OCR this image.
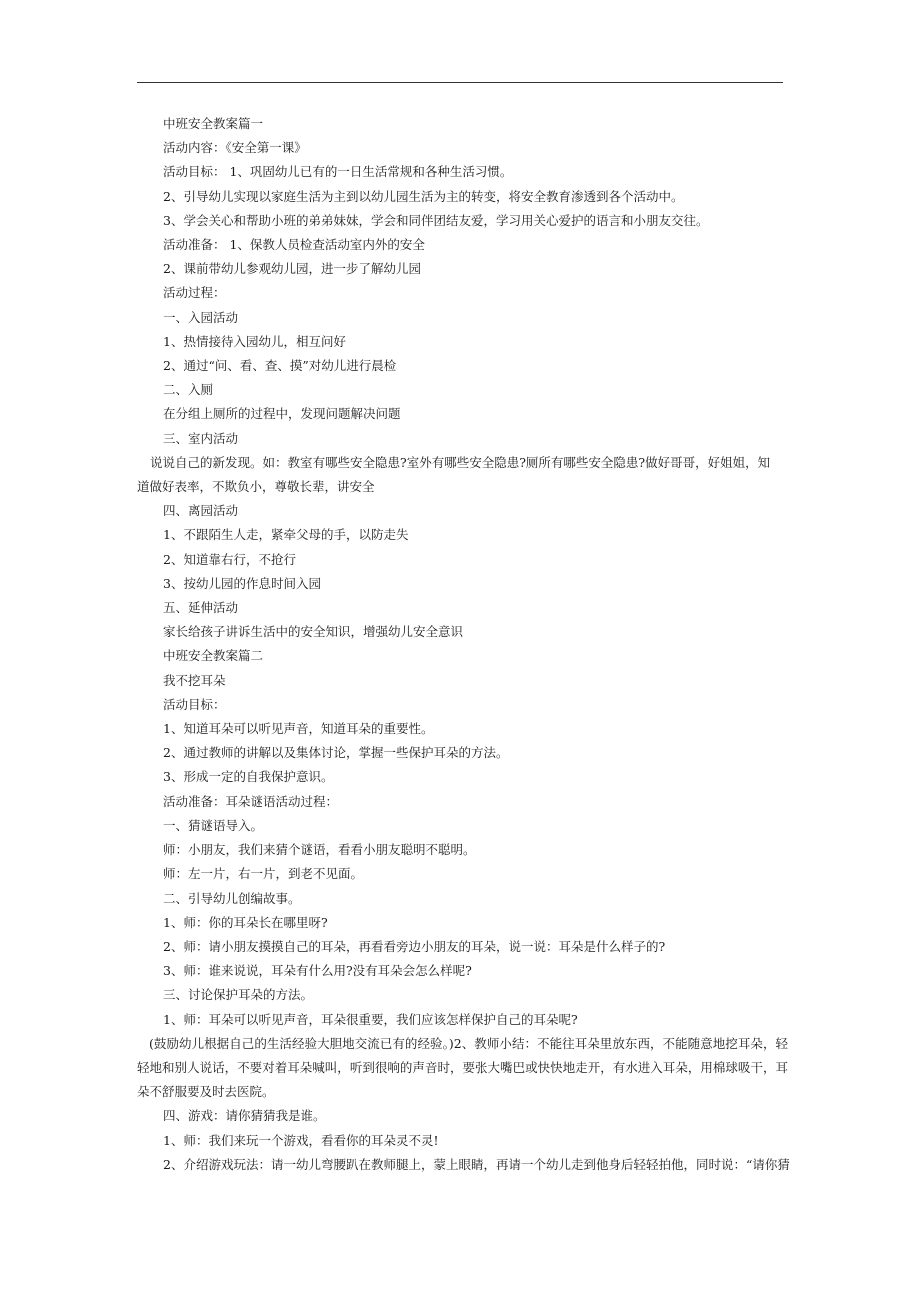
中班安全教案篇一
活动内容：《安全第一课》
活动目标： 1、巩固幼儿已有的一日生活常规和各种生活习惯。
2、引导幼儿实现以家庭生活为主到以幼儿园生活为主的转变，将安全教育渗透到各个活动中。
3、学会关心和帮助小班的弟弟妹妹，学会和同伴团结友爱，学习用关心爱护的语言和小朋友交往。
活动准备： 1、保教人员检查活动室内外的安全
2、课前带幼儿参观幼儿园，进一步了解幼儿园
活动过程：
一、入园活动
1、热情接待入园幼儿，相互问好
2、通过“问、看、查、摸”对幼儿进行晨检
二、入厕
在分组上厕所的过程中，发现问题解决问题
三、室内活动
说说自己的新发现。如：教室有哪些安全隐患?室外有哪些安全隐患?厕所有哪些安全隐患?做好哥哥，好姐姐，知
道做好表率，不欺负小，尊敬长辈，讲安全
四、离园活动
1、不跟陌生人走，紧牵父母的手，以防走失
2、知道靠右行，不抢行
3、按幼儿园的作息时间入园
五、延伸活动
家长给孩子讲诉生活中的安全知识，增强幼儿安全意识
中班安全教案篇二
我不挖耳朵
活动目标：
1、知道耳朵可以听见声音，知道耳朵的重要性。
2、通过教师的讲解以及集体讨论，掌握一些保护耳朵的方法。
3、形成一定的自我保护意识。
活动准备：耳朵谜语活动过程：
一、猜谜语导入。
师：小朋友，我们来猜个谜语，看看小朋友聪明不聪明。
师：左一片，右一片，到老不见面。
二、引导幼儿创编故事。
1、师：你的耳朵长在哪里呀?
2、师：请小朋友摸摸自己的耳朵，再看看旁边小朋友的耳朵，说一说：耳朵是什么样子的?
3、师：谁来说说，耳朵有什么用?没有耳朵会怎么样呢?
三、讨论保护耳朵的方法。
1、师：耳朵可以听见声音，耳朵很重要，我们应该怎样保护自己的耳朵呢?
(鼓励幼儿根据自己的生活经验大胆地交流已有的经验。)2、教师小结：不能往耳朵里放东西，不能随意地挖耳朵，轻轻地和别人说话，不要对着耳朵喊叫，听到很响的声音时，要张大嘴巴或快快地走开，有水进入耳朵，用棉球吸干，耳朵不舒服要及时去医院。
四、游戏：请你猜猜我是谁。
1、师：我们来玩一个游戏，看看你的耳朵灵不灵!
2、介绍游戏玩法：请一幼儿弯腰趴在教师腿上，蒙上眼睛，再请一个幼儿走到他身后轻轻拍他，同时说：“请你猜
